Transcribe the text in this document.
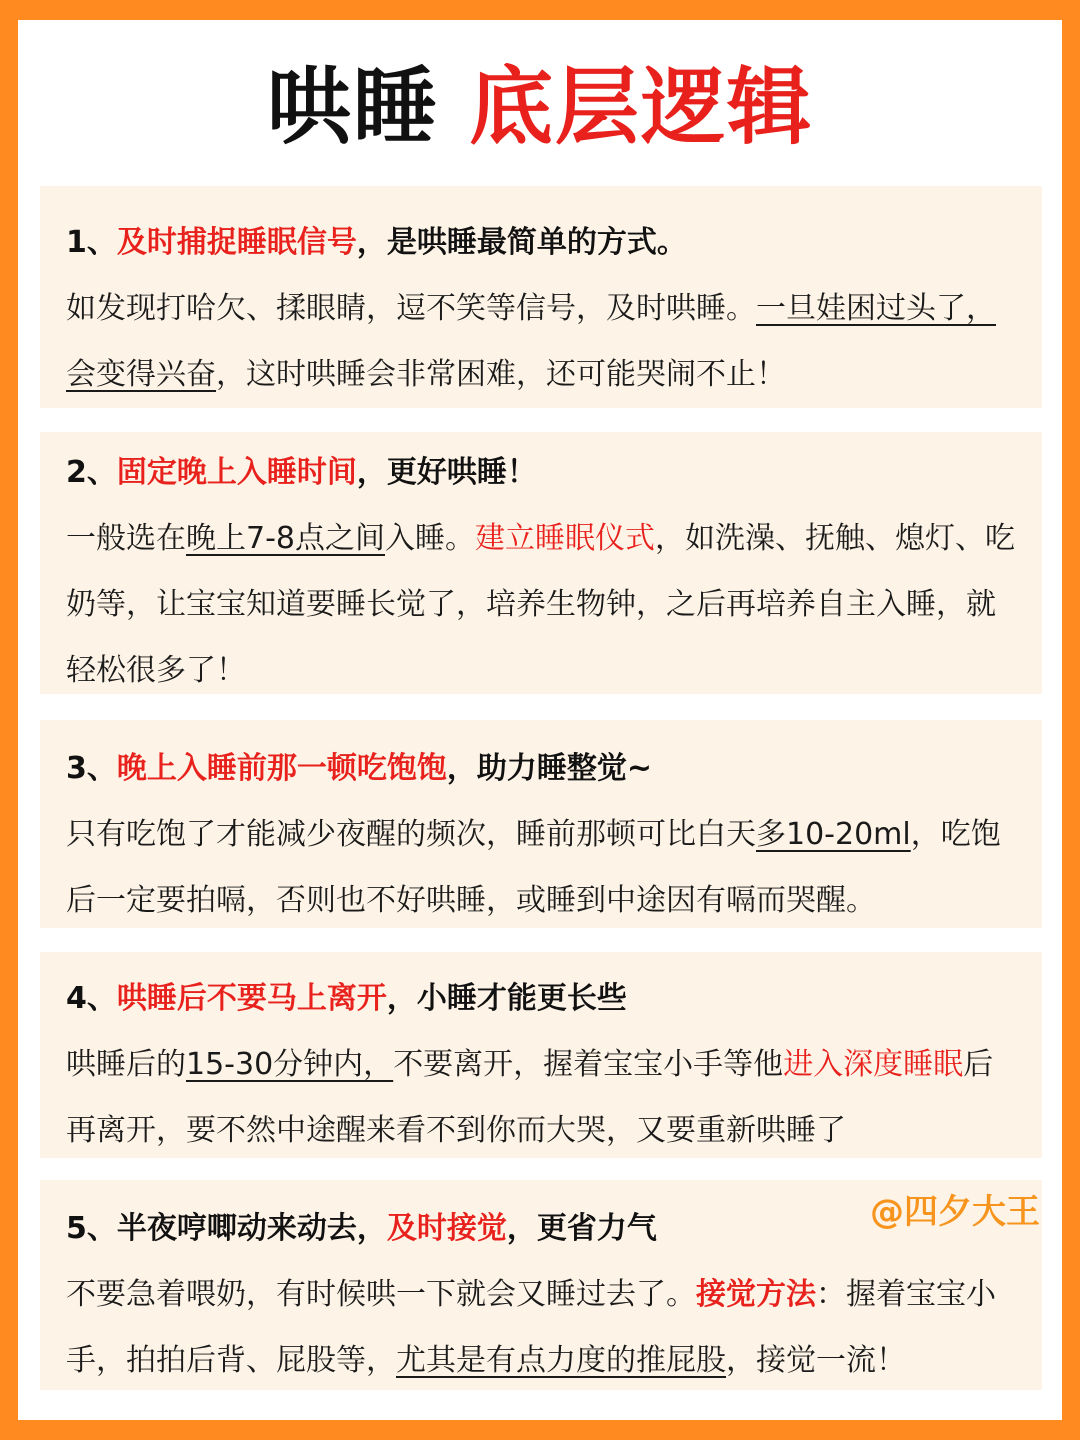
哄睡 底层逻辑
1、及时捕捉睡眠信号，是哄睡最简单的方式。
如发现打哈欠、揉眼睛，逗不笑等信号，及时哄睡。一旦娃困过头了，会变得兴奋，这时哄睡会非常困难，还可能哭闹不止！
2、固定晚上入睡时间，更好哄睡！
一般选在晚上7-8点之间入睡。建立睡眠仪式，如洗澡、抚触、熄灯、吃奶等，让宝宝知道要睡长觉了，培养生物钟，之后再培养自主入睡，就轻松很多了！
3、晚上入睡前那一顿吃饱饱，助力睡整觉~
只有吃饱了才能减少夜醒的频次，睡前那顿可比白天多10-20ml，吃饱后一定要拍嗝，否则也不好哄睡，或睡到中途因有嗝而哭醒。
4、哄睡后不要马上离开，小睡才能更长些
哄睡后的15-30分钟内，不要离开，握着宝宝小手等他进入深度睡眠后再离开，要不然中途醒来看不到你而大哭，又要重新哄睡了
5、半夜哼唧动来动去，及时接觉，更省力气
不要急着喂奶，有时候哄一下就会又睡过去了。接觉方法：握着宝宝小手，拍拍后背、屁股等，尤其是有点力度的推屁股，接觉一流！
@四夕大王
